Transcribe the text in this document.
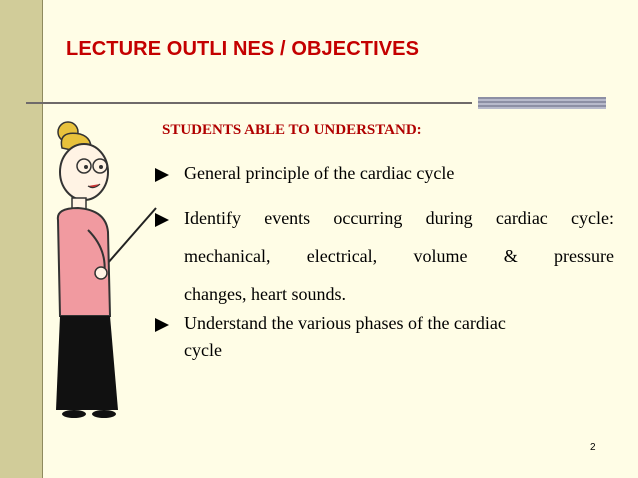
LECTURE OUTLI NES / OBJECTIVES
STUDENTS ABLE TO UNDERSTAND:
General principle of the cardiac cycle
Identify events occurring during cardiac cycle:
mechanical, electrical, volume & pressure
changes, heart sounds.
Understand the various phases of the cardiac
cycle
2
